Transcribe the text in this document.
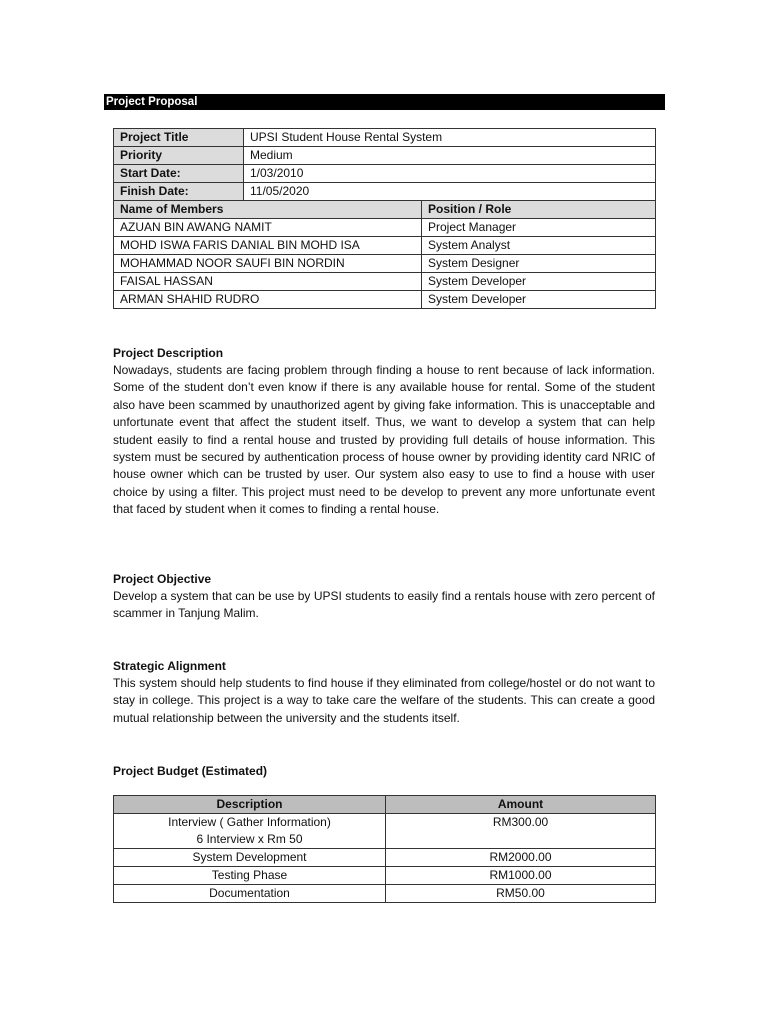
Project Proposal
Project Title	UPSI Student House Rental System	
Priority	Medium	
Start Date:	1/03/2010	
Finish Date:	11/05/2020	
Name of Members		Position / Role
AZUAN BIN AWANG NAMIT		Project Manager
MOHD ISWA FARIS DANIAL BIN MOHD ISA		System Analyst
MOHAMMAD NOOR SAUFI BIN NORDIN		System Designer
FAISAL HASSAN		System Developer
ARMAN SHAHID RUDRO		System Developer
Project Description

Nowadays, students are facing problem through finding a house to rent because of lack information. Some of the student don’t even know if there is any available house for rental. Some of the student also have been scammed by unauthorized agent by giving fake information. This is unacceptable and unfortunate event that affect the student itself. Thus, we want to develop a system that can help student easily to find a rental house and trusted by providing full details of house information. This system must be secured by authentication process of house owner by providing identity card NRIC of house owner which can be trusted by user. Our system also easy to use to find a house with user choice by using a filter. This project must need to be develop to prevent any more unfortunate event that faced by student when it comes to finding a rental house.

Project Objective

Develop a system that can be use by UPSI students to easily find a rentals house with zero percent of scammer in Tanjung Malim.

Strategic Alignment

This system should help students to find house if they eliminated from college/hostel or do not want to stay in college. This project is a way to take care the welfare of the students. This can create a good mutual relationship between the university and the students itself.

Project Budget (Estimated)
Description	Amount

Interview ( Gather Information)
6 Interview x Rm 50	RM300.00
System Development	RM2000.00
Testing Phase	RM1000.00
Documentation	RM50.00
